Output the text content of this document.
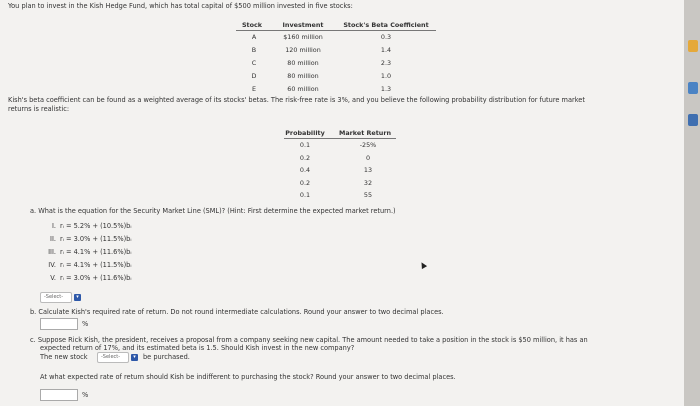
You plan to invest in the Kish Hedge Fund, which has total capital of $500 million invested in five stocks:
Stock	Investment	Stock's Beta Coefficient
A	$160 million	0.3
B	120 million	1.4
C	80 million	2.3
D	80 million	1.0
E	60 million	1.3
Kish's beta coefficient can be found as a weighted average of its stocks' betas. The risk-free rate is 3%, and you believe the following probability distribution for future market
returns is realistic:
Probability	Market Return
0.1	-25%
0.2	0
0.4	13
0.2	32
0.1	55
a. What is the equation for the Security Market Line (SML)? (Hint: First determine the expected market return.)
I. rᵢ = 5.2% + (10.5%)bᵢ
II. rᵢ = 3.0% + (11.5%)bᵢ
III. rᵢ = 4.1% + (11.6%)bᵢ
IV. rᵢ = 4.1% + (11.5%)bᵢ
V. rᵢ = 3.0% + (11.6%)bᵢ
-Select-	▾
b. Calculate Kish's required rate of return. Do not round intermediate calculations. Round your answer to two decimal places.
%
c. Suppose Rick Kish, the president, receives a proposal from a company seeking new capital. The amount needed to take a position in the stock is $50 million, it has an
expected return of 17%, and its estimated beta is 1.5. Should Kish invest in the new company?
The new stock	-Select-	▾	be purchased.
At what expected rate of return should Kish be indifferent to purchasing the stock? Round your answer to two decimal places.
%
